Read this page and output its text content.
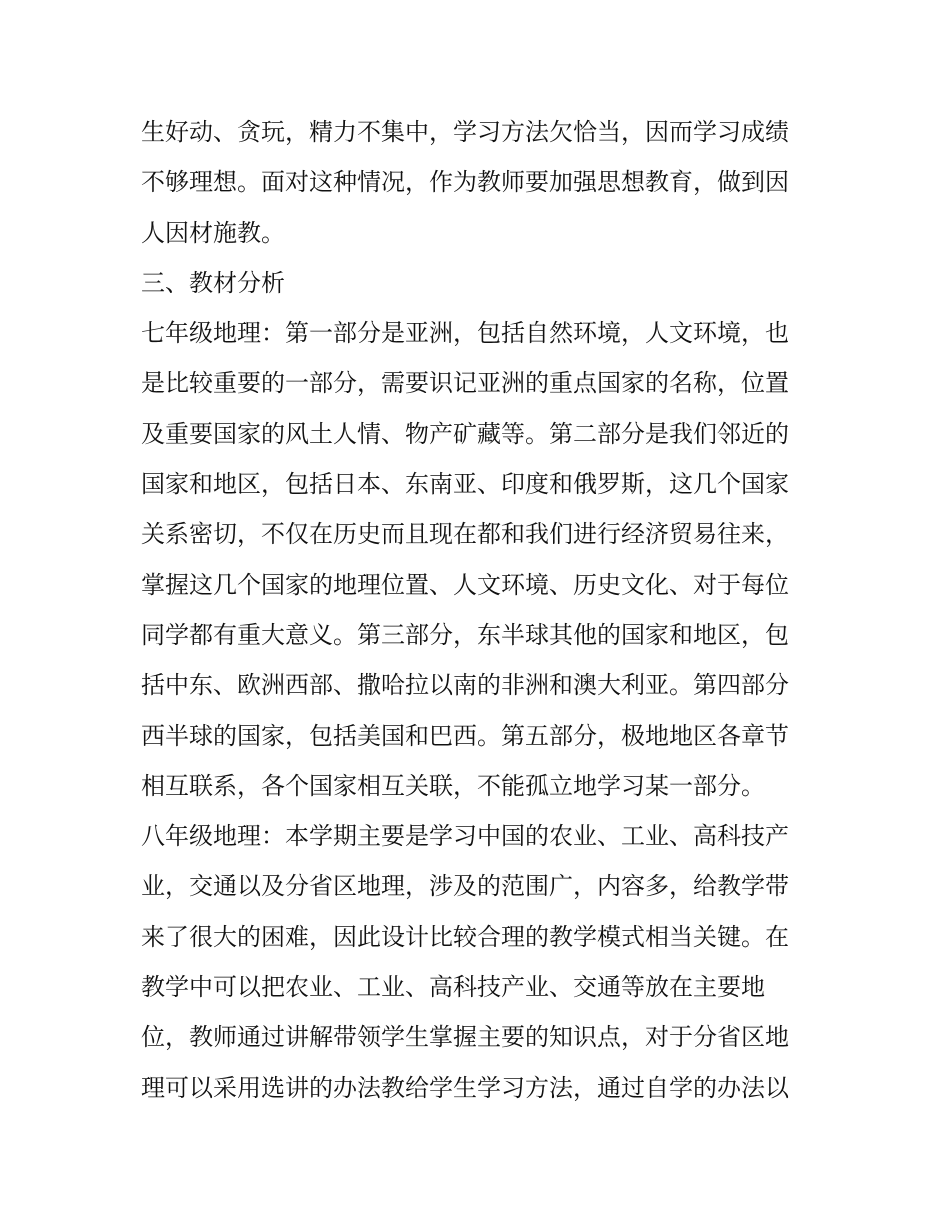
生好动、贪玩，精力不集中，学习方法欠恰当，因而学习成绩
不够理想。面对这种情况，作为教师要加强思想教育，做到因
人因材施教。
三、教材分析
七年级地理：第一部分是亚洲，包括自然环境，人文环境，也
是比较重要的一部分，需要识记亚洲的重点国家的名称，位置
及重要国家的风土人情、物产矿藏等。第二部分是我们邻近的
国家和地区，包括日本、东南亚、印度和俄罗斯，这几个国家
关系密切，不仅在历史而且现在都和我们进行经济贸易往来，
掌握这几个国家的地理位置、人文环境、历史文化、对于每位
同学都有重大意义。第三部分，东半球其他的国家和地区，包
括中东、欧洲西部、撒哈拉以南的非洲和澳大利亚。第四部分
西半球的国家，包括美国和巴西。第五部分，极地地区各章节
相互联系，各个国家相互关联，不能孤立地学习某一部分。
八年级地理：本学期主要是学习中国的农业、工业、高科技产
业，交通以及分省区地理，涉及的范围广，内容多，给教学带
来了很大的困难，因此设计比较合理的教学模式相当关键。在
教学中可以把农业、工业、高科技产业、交通等放在主要地
位，教师通过讲解带领学生掌握主要的知识点，对于分省区地
理可以采用选讲的办法教给学生学习方法，通过自学的办法以
